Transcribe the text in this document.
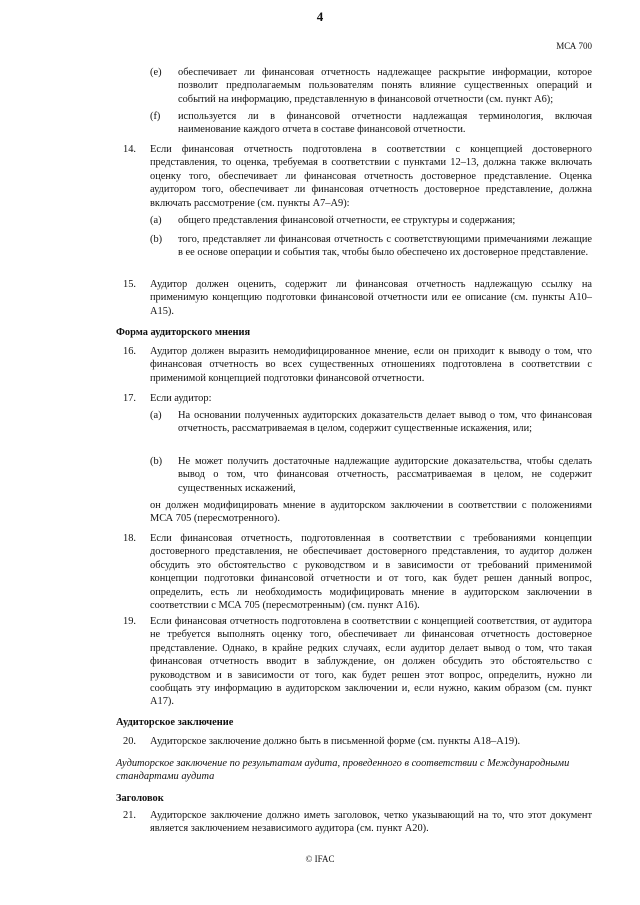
4
МСА 700
(e) обеспечивает ли финансовая отчетность надлежащее раскрытие информации, которое позволит предполагаемым пользователям понять влияние существенных операций и событий на информацию, представленную в финансовой отчетности (см. пункт А6);
(f) используется ли в финансовой отчетности надлежащая терминология, включая наименование каждого отчета в составе финансовой отчетности.
14. Если финансовая отчетность подготовлена в соответствии с концепцией достоверного представления, то оценка, требуемая в соответствии с пунктами 12–13, должна также включать оценку того, обеспечивает ли финансовая отчетность достоверное представление. Оценка аудитором того, обеспечивает ли финансовая отчетность достоверное представление, должна включать рассмотрение (см. пункты А7–А9):
(a) общего представления финансовой отчетности, ее структуры и содержания;
(b) того, представляет ли финансовая отчетность с соответствующими примечаниями лежащие в ее основе операции и события так, чтобы было обеспечено их достоверное представление.
15. Аудитор должен оценить, содержит ли финансовая отчетность надлежащую ссылку на применимую концепцию подготовки финансовой отчетности или ее описание (см. пункты А10–А15).
Форма аудиторского мнения
16. Аудитор должен выразить немодифицированное мнение, если он приходит к выводу о том, что финансовая отчетность во всех существенных отношениях подготовлена в соответствии с применимой концепцией подготовки финансовой отчетности.
17. Если аудитор:
(a) На основании полученных аудиторских доказательств делает вывод о том, что финансовая отчетность, рассматриваемая в целом, содержит существенные искажения, или;
(b) Не может получить достаточные надлежащие аудиторские доказательства, чтобы сделать вывод о том, что финансовая отчетность, рассматриваемая в целом, не содержит существенных искажений,
он должен модифицировать мнение в аудиторском заключении в соответствии с положениями МСА 705 (пересмотренного).
18. Если финансовая отчетность, подготовленная в соответствии с требованиями концепции достоверного представления, не обеспечивает достоверного представления, то аудитор должен обсудить это обстоятельство с руководством и в зависимости от требований применимой концепции подготовки финансовой отчетности и от того, как будет решен данный вопрос, определить, есть ли необходимость модифицировать мнение в аудиторском заключении в соответствии с МСА 705 (пересмотренным) (см. пункт А16).
19. Если финансовая отчетность подготовлена в соответствии с концепцией соответствия, от аудитора не требуется выполнять оценку того, обеспечивает ли финансовая отчетность достоверное представление. Однако, в крайне редких случаях, если аудитор делает вывод о том, что такая финансовая отчетность вводит в заблуждение, он должен обсудить это обстоятельство с руководством и в зависимости от того, как будет решен этот вопрос, определить, нужно ли сообщать эту информацию в аудиторском заключении и, если нужно, каким образом (см. пункт А17).
Аудиторское заключение
20. Аудиторское заключение должно быть в письменной форме (см. пункты А18–А19).
Аудиторское заключение по результатам аудита, проведенного в соответствии с Международными стандартами аудита
Заголовок
21. Аудиторское заключение должно иметь заголовок, четко указывающий на то, что этот документ является заключением независимого аудитора (см. пункт А20).
© IFAC
